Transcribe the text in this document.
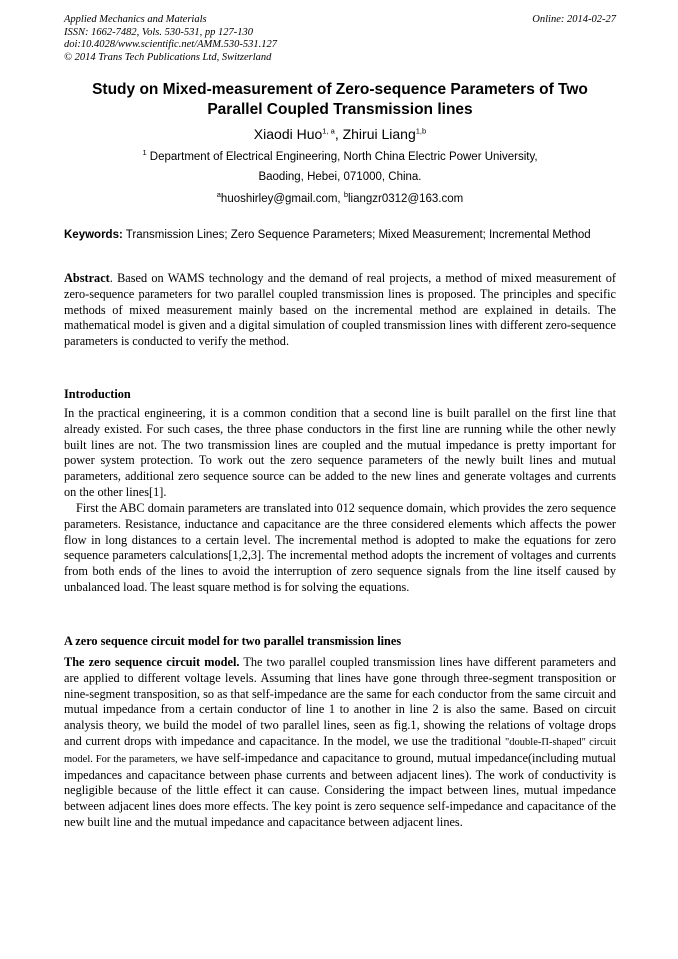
Applied Mechanics and Materials
ISSN: 1662-7482, Vols. 530-531, pp 127-130
doi:10.4028/www.scientific.net/AMM.530-531.127
© 2014 Trans Tech Publications Ltd, Switzerland
Online: 2014-02-27
Study on Mixed-measurement of Zero-sequence Parameters of Two Parallel Coupled Transmission lines
Xiaodi Huo$^{1, a}$, Zhirui Liang$^{1,b}$
$^1$ Department of Electrical Engineering, North China Electric Power University,
Baoding, Hebei, 071000, China.
$^a$huoshirley@gmail.com, $^b$liangzr0312@163.com
Keywords: Transmission Lines; Zero Sequence Parameters; Mixed Measurement; Incremental Method
Abstract. Based on WAMS technology and the demand of real projects, a method of mixed measurement of zero-sequence parameters for two parallel coupled transmission lines is proposed. The principles and specific methods of mixed measurement mainly based on the incremental method are explained in details. The mathematical model is given and a digital simulation of coupled transmission lines with different zero-sequence parameters is conducted to verify the method.
Introduction
In the practical engineering, it is a common condition that a second line is built parallel on the first line that already existed. For such cases, the three phase conductors in the first line are running while the other newly built lines are not. The two transmission lines are coupled and the mutual impedance is pretty important for power system protection. To work out the zero sequence parameters of the newly built lines and mutual parameters, additional zero sequence source can be added to the new lines and generate voltages and currents on the other lines[1].
First the ABC domain parameters are translated into 012 sequence domain, which provides the zero sequence parameters. Resistance, inductance and capacitance are the three considered elements which affects the power flow in long distances to a certain level. The incremental method is adopted to make the equations for zero sequence parameters calculations[1,2,3]. The incremental method adopts the increment of voltages and currents from both ends of the lines to avoid the interruption of zero sequence signals from the line itself caused by unbalanced load. The least square method is for solving the equations.
A zero sequence circuit model for two parallel transmission lines
The zero sequence circuit model. The two parallel coupled transmission lines have different parameters and are applied to different voltage levels. Assuming that lines have gone through three-segment transposition or nine-segment transposition, so as that self-impedance are the same for each conductor from the same circuit and mutual impedance from a certain conductor of line 1 to another in line 2 is also the same. Based on circuit analysis theory, we build the model of two parallel lines, seen as fig.1, showing the relations of voltage drops and current drops with impedance and capacitance. In the model, we use the traditional "double-Π-shaped" circuit model. For the parameters, we have self-impedance and capacitance to ground, mutual impedance(including mutual impedances and capacitance between phase currents and between adjacent lines). The work of conductivity is negligible because of the little effect it can cause. Considering the impact between lines, mutual impedance between adjacent lines does more effects. The key point is zero sequence self-impedance and capacitance of the new built line and the mutual impedance and capacitance between adjacent lines.
